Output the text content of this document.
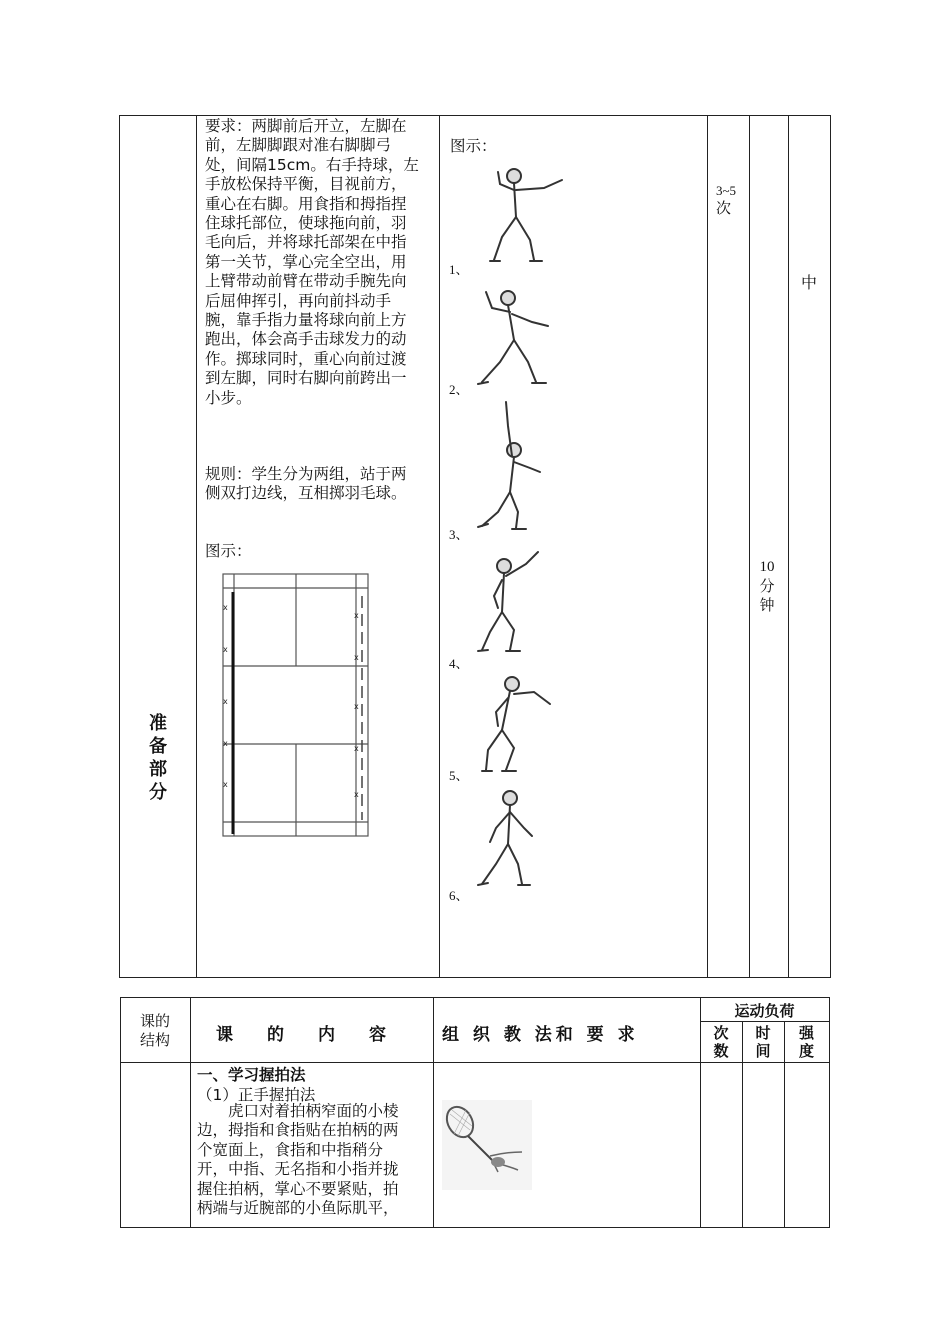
准
备
部
分
要求：两脚前后开立，左脚在
前，左脚脚跟对准右脚脚弓
处，间隔15cm。右手持球，左
手放松保持平衡，目视前方，
重心在右脚。用食指和拇指捏
住球托部位，使球拖向前，羽
毛向后，并将球托部架在中指
第一关节，掌心完全空出，用
上臂带动前臂在带动手腕先向
后屈伸挥引，再向前抖动手
腕，靠手指力量将球向前上方
跑出，体会高手击球发力的动
作。掷球同时，重心向前过渡
到左脚，同时右脚向前跨出一
小步。
规则：学生分为两组，站于两
侧双打边线，互相掷羽毛球。
图示：
x
x
x
x
x
x
x
x
x
x
图示：
1、
2、
3、
4、
5、
6、
3~5
次
10
分
钟
中
课的
结构	课　　的　　内　　容	组 织 教 法和 要 求
运动负荷
次
数
时
间
强
度
一、学习握拍法
（1）正手握拍法
　　虎口对着拍柄窄面的小棱
边，拇指和食指贴在拍柄的两
个宽面上，食指和中指稍分
开，中指、无名指和小指并拢
握住拍柄，掌心不要紧贴，拍
柄端与近腕部的小鱼际肌平，
